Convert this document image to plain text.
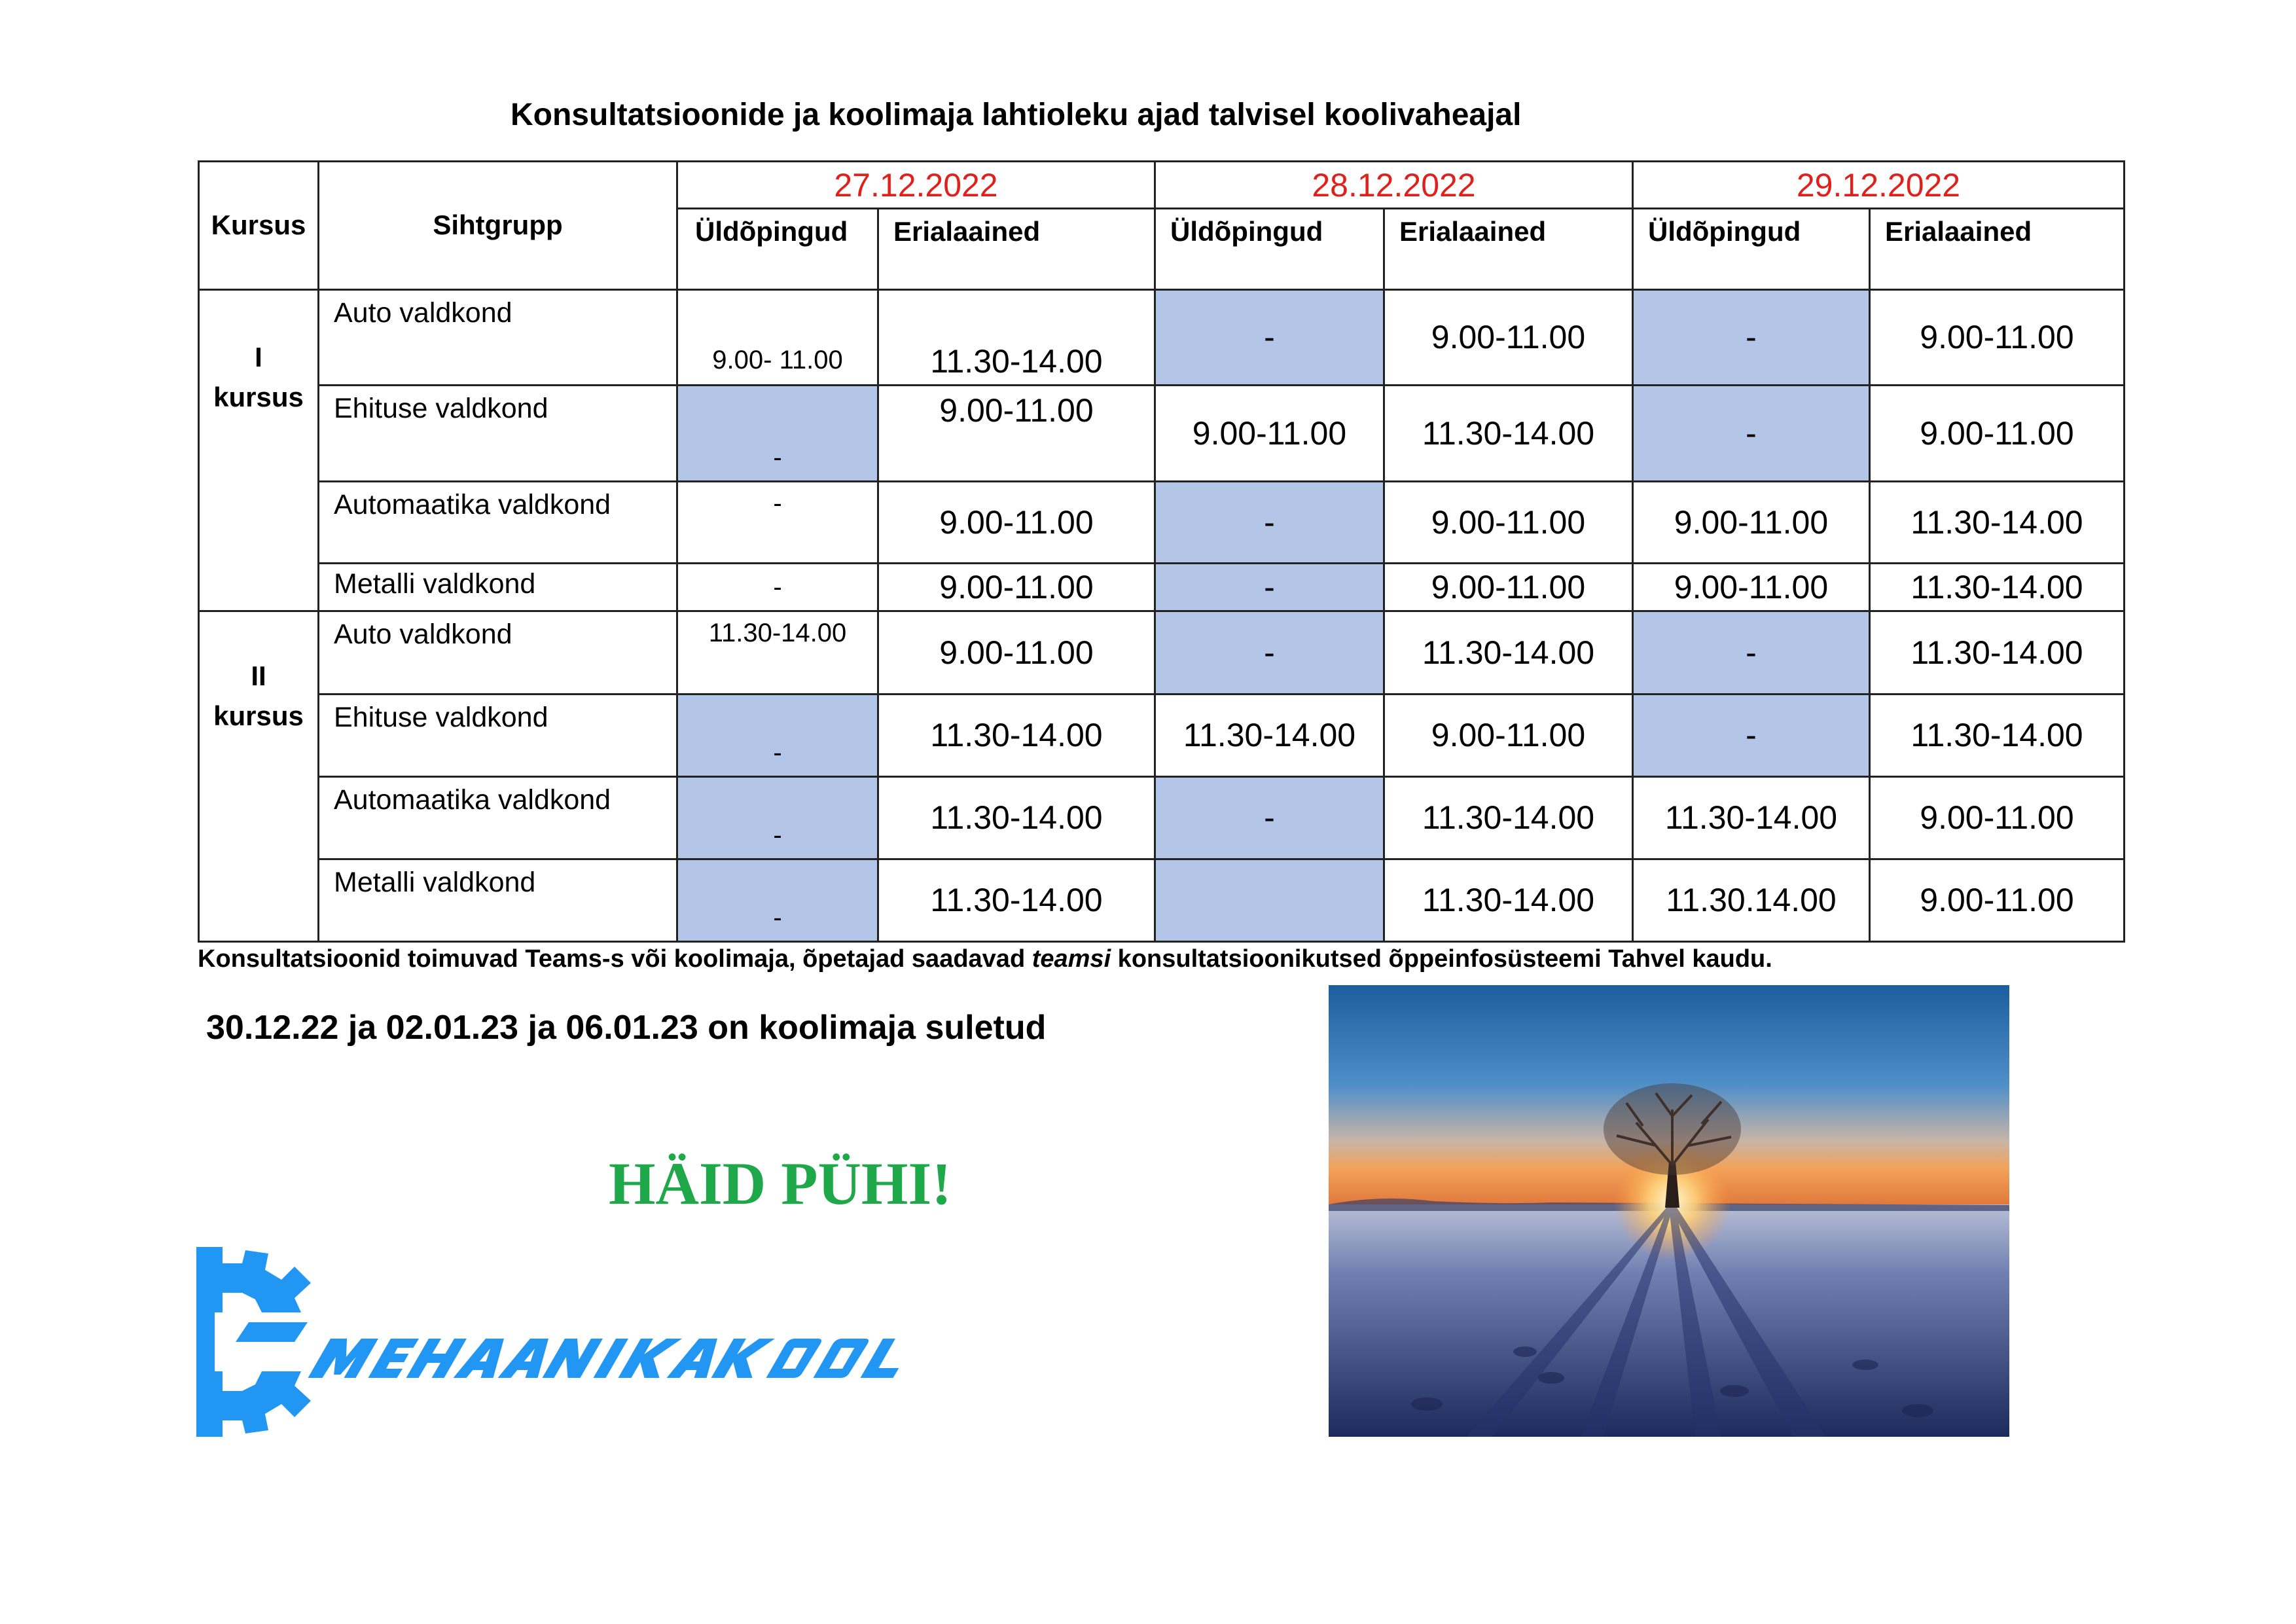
Konsultatsioonide ja koolimaja lahtioleku ajad talvisel koolivaheajal
Kursus	Sihtgrupp	27.12.2022		28.12.2022		29.12.2022	
		Üldõpingud	Erialaained	Üldõpingud	Erialaained	Üldõpingud	Erialaained

I
kursus	Auto valdkond	9.00- 11.00	11.30-14.00	-	9.00-11.00	-	9.00-11.00
	Ehituse valdkond	-	9.00-11.00	9.00-11.00	11.30-14.00	-	9.00-11.00
	Automaatika valdkond	-	9.00-11.00	-	9.00-11.00	9.00-11.00	11.30-14.00
	Metalli valdkond	-	9.00-11.00	-	9.00-11.00	9.00-11.00	11.30-14.00

II
kursus	Auto valdkond	11.30-14.00	9.00-11.00	-	11.30-14.00	-	11.30-14.00
	Ehituse valdkond	-	11.30-14.00	11.30-14.00	9.00-11.00	-	11.30-14.00
	Automaatika valdkond	-	11.30-14.00	-	11.30-14.00	11.30-14.00	9.00-11.00
	Metalli valdkond	-	11.30-14.00		11.30-14.00	11.30.14.00	9.00-11.00
Konsultatsioonid toimuvad Teams-s või koolimaja, õpetajad saadavad teamsi konsultatsioonikutsed õppeinfosüsteemi Tahvel kaudu.
30.12.22 ja 02.01.23 ja 06.01.23 on koolimaja suletud
HÄID PÜHI!
